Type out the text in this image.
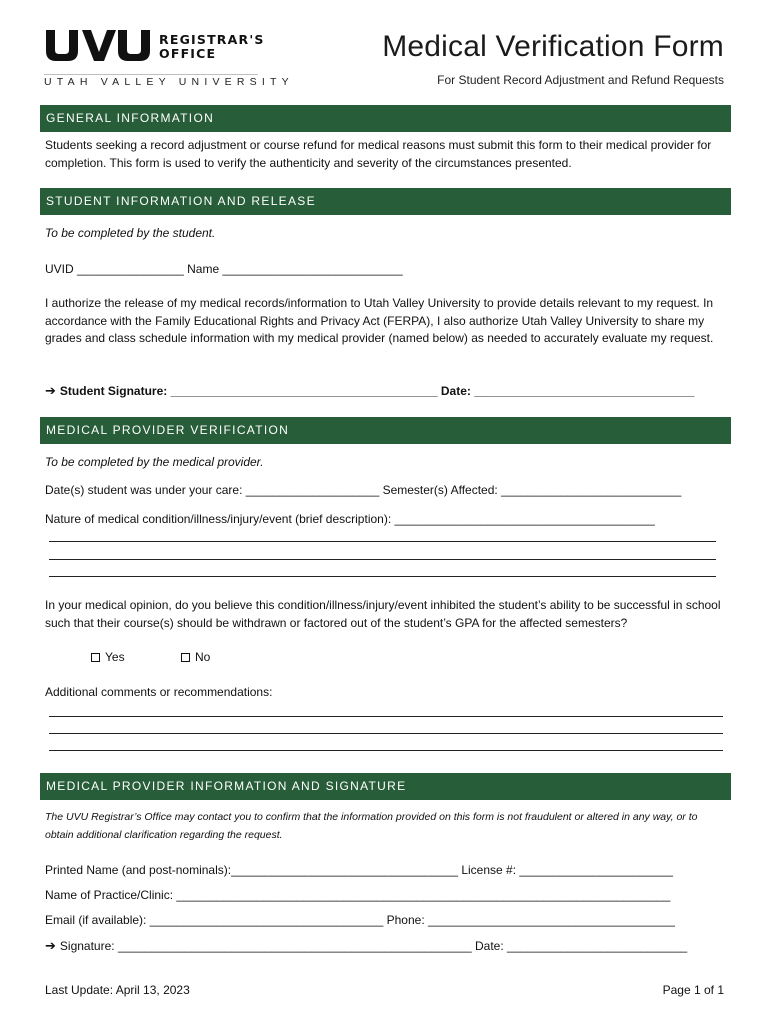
REGISTRAR'S
OFFICE
UTAH VALLEY UNIVERSITY
Medical Verification Form
For Student Record Adjustment and Refund Requests
GENERAL INFORMATION
Students seeking a record adjustment or course refund for medical reasons must submit this form to their medical provider for completion. This form is used to verify the authenticity and severity of the circumstances presented.
STUDENT INFORMATION AND RELEASE
To be completed by the student.
UVID ________________ Name ___________________________
I authorize the release of my medical records/information to Utah Valley University to provide details relevant to my request. In accordance with the Family Educational Rights and Privacy Act (FERPA), I also authorize Utah Valley University to share my grades and class schedule information with my medical provider (named below) as needed to accurately evaluate my request.
➔ Student Signature: ________________________________________ Date: _________________________________
MEDICAL PROVIDER VERIFICATION
To be completed by the medical provider.
Date(s) student was under your care: ____________________ Semester(s) Affected: ___________________________
Nature of medical condition/illness/injury/event (brief description): _______________________________________
In your medical opinion, do you believe this condition/illness/injury/event inhibited the student’s ability to be successful in school such that their course(s) should be withdrawn or factored out of the student’s GPA for the affected semesters?
Yes	No
Additional comments or recommendations:
MEDICAL PROVIDER INFORMATION AND SIGNATURE
The UVU Registrar’s Office may contact you to confirm that the information provided on this form is not fraudulent or altered in any way, or to obtain additional clarification regarding the request.
Printed Name (and post-nominals):__________________________________ License #: _______________________
Name of Practice/Clinic: __________________________________________________________________________
Email (if available): ___________________________________ Phone: _____________________________________
➔ Signature: _____________________________________________________ Date: ___________________________
Last Update: April 13, 2023	Page 1 of 1
